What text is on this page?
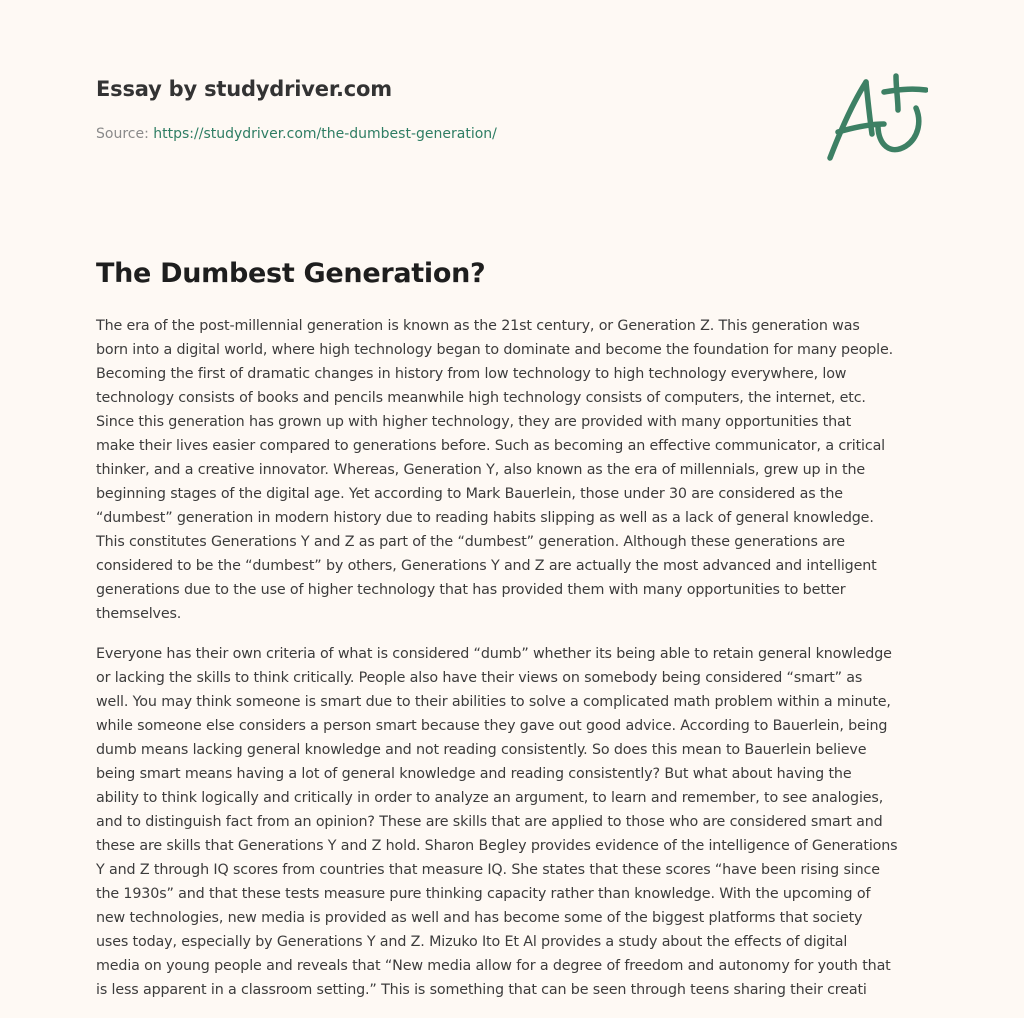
Essay by studydriver.com
Source: https://studydriver.com/the-dumbest-generation/
The Dumbest Generation?

The era of the post-millennial generation is known as the 21st century, or Generation Z. This generation was
born into a digital world, where high technology began to dominate and become the foundation for many people.
Becoming the first of dramatic changes in history from low technology to high technology everywhere, low
technology consists of books and pencils meanwhile high technology consists of computers, the internet, etc.
Since this generation has grown up with higher technology, they are provided with many opportunities that
make their lives easier compared to generations before. Such as becoming an effective communicator, a critical
thinker, and a creative innovator. Whereas, Generation Y, also known as the era of millennials, grew up in the
beginning stages of the digital age. Yet according to Mark Bauerlein, those under 30 are considered as the
“dumbest” generation in modern history due to reading habits slipping as well as a lack of general knowledge.
This constitutes Generations Y and Z as part of the “dumbest” generation. Although these generations are
considered to be the “dumbest” by others, Generations Y and Z are actually the most advanced and intelligent
generations due to the use of higher technology that has provided them with many opportunities to better
themselves.

Everyone has their own criteria of what is considered “dumb” whether its being able to retain general knowledge
or lacking the skills to think critically. People also have their views on somebody being considered “smart” as
well. You may think someone is smart due to their abilities to solve a complicated math problem within a minute,
while someone else considers a person smart because they gave out good advice. According to Bauerlein, being
dumb means lacking general knowledge and not reading consistently. So does this mean to Bauerlein believe
being smart means having a lot of general knowledge and reading consistently? But what about having the
ability to think logically and critically in order to analyze an argument, to learn and remember, to see analogies,
and to distinguish fact from an opinion? These are skills that are applied to those who are considered smart and
these are skills that Generations Y and Z hold. Sharon Begley provides evidence of the intelligence of Generations
Y and Z through IQ scores from countries that measure IQ. She states that these scores “have been rising since
the 1930s” and that these tests measure pure thinking capacity rather than knowledge. With the upcoming of
new technologies, new media is provided as well and has become some of the biggest platforms that society
uses today, especially by Generations Y and Z. Mizuko Ito Et Al provides a study about the effects of digital
media on young people and reveals that “New media allow for a degree of freedom and autonomy for youth that
is less apparent in a classroom setting.” This is something that can be seen through teens sharing their creati
